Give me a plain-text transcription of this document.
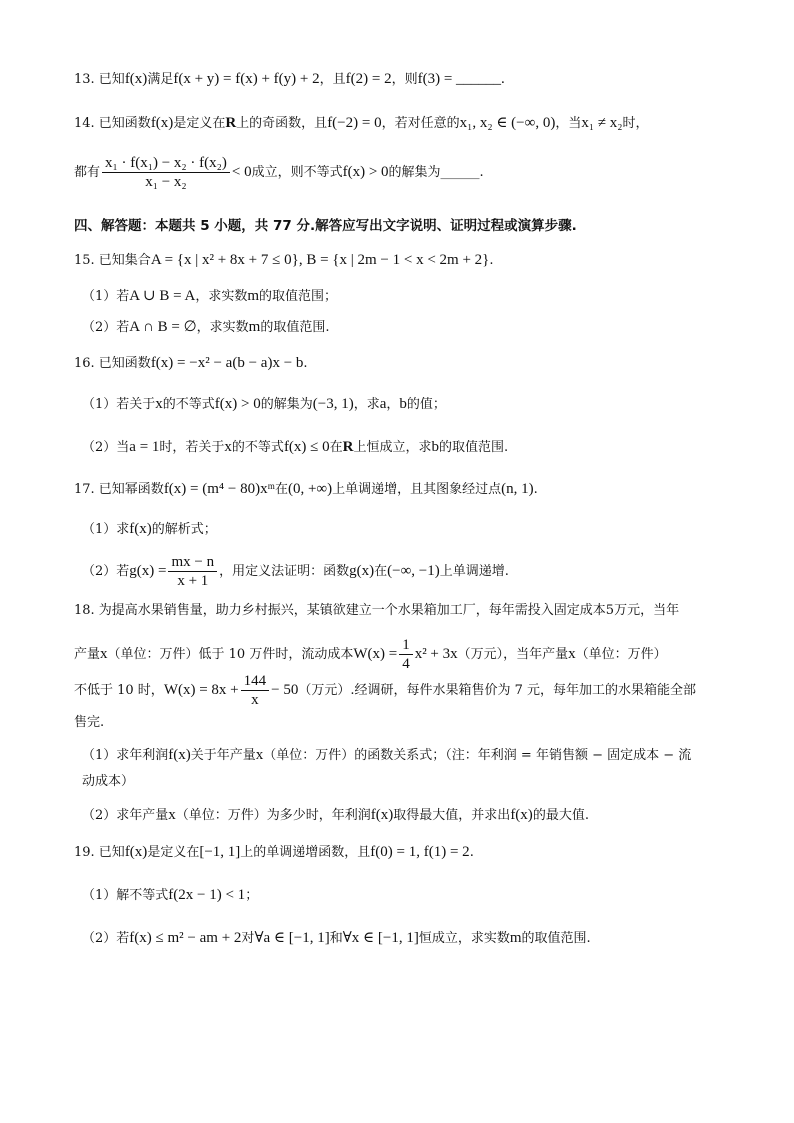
13. 已知f(x)满足f(x + y) = f(x) + f(y) + 2，且f(2) = 2，则f(3) = ______.
14. 已知函数f(x)是定义在R上的奇函数，且f(−2) = 0，若对任意的x₁, x₂ ∈ (−∞, 0)，当x₁ ≠ x₂时，
都有 $\frac{\text{x₁ · f(x₁) − x₂ · f(x₂)}}{\text{x₁ − x₂}} < 0$成立，则不等式f(x) > 0的解集为______.
四、解答题：本题共 5 小题，共 77 分.解答应写出文字说明、证明过程或演算步骤.
15. 已知集合A = {x | x² + 8x + 7 ≤ 0}, B = {x | 2m − 1 < x < 2m + 2}.
（1）若A ∪ B = A，求实数m的取值范围；
（2）若A ∩ B = ∅，求实数m的取值范围.
16. 已知函数f(x) = −x² − a(b − a)x − b.
（1）若关于x的不等式f(x) > 0的解集为(−3, 1)，求a，b的值；
（2）当a = 1时，若关于x的不等式f(x) ≤ 0在R上恒成立，求b的取值范围.
17. 已知幂函数f(x) = (m⁴ − 80)xᵐ在(0, +∞)上单调递增，且其图象经过点(n, 1).
（1）求f(x)的解析式；
（2）若$g(x) = \frac{mx - n}{x + 1}$ ，用定义法证明：函数g(x)在(−∞, −1)上单调递增.
18. 为提高水果销售量，助力乡村振兴，某镇欲建立一个水果箱加工厂，每年需投入固定成本5万元，当年
产量x（单位：万件）低于 10 万件时，流动成本$W(x) = \frac{1}{4} x^2 + 3x$（万元），当年产量x（单位：万件）
不低于 10 时，$W(x) = 8x + \frac{144}{x} - 50$（万元）.经调研，每件水果箱售价为 7 元，每年加工的水果箱能全部
售完.
（1）求年利润f(x)关于年产量x（单位：万件）的函数关系式；（注：年利润 = 年销售额 − 固定成本 − 流
动成本）
（2）求年产量x（单位：万件）为多少时，年利润f(x)取得最大值，并求出f(x)的最大值.
19. 已知f(x)是定义在[−1, 1]上的单调递增函数，且f(0) = 1, f(1) = 2.
（1）解不等式f(2x − 1) < 1；
（2）若f(x) ≤ m² − am + 2对∀a ∈ [−1, 1]和∀x ∈ [−1, 1]恒成立，求实数m的取值范围.
